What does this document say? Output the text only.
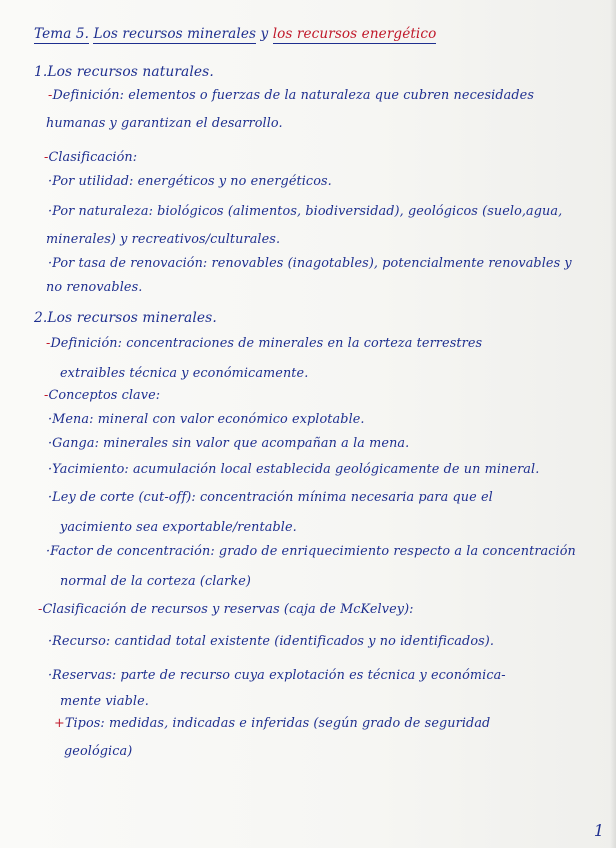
Tema 5. Los recursos minerales y los recursos energético
1.Los recursos naturales.
-Definición: elementos o fuerzas de la naturaleza que cubren necesidades
humanas y garantizan el desarrollo.
-Clasificación:
·Por utilidad: energéticos y no energéticos.
·Por naturaleza: biológicos (alimentos, biodiversidad), geológicos (suelo,agua,
minerales) y recreativos/culturales.
·Por tasa de renovación: renovables (inagotables), potencialmente renovables y
no renovables.
2.Los recursos minerales.
-Definición: concentraciones de minerales en la corteza terrestres
extraibles técnica y económicamente.
-Conceptos clave:
·Mena: mineral con valor económico explotable.
·Ganga: minerales sin valor que acompañan a la mena.
·Yacimiento: acumulación local establecida geológicamente de un mineral.
·Ley de corte (cut-off): concentración mínima necesaria para que el
yacimiento sea exportable/rentable.
·Factor de concentración: grado de enriquecimiento respecto a la concentración
normal de la corteza (clarke)
-Clasificación de recursos y reservas (caja de McKelvey):
·Recurso: cantidad total existente (identificados y no identificados).
·Reservas: parte de recurso cuya explotación es técnica y económica-
mente viable.
+Tipos: medidas, indicadas e inferidas (según grado de seguridad
geológica)
1
